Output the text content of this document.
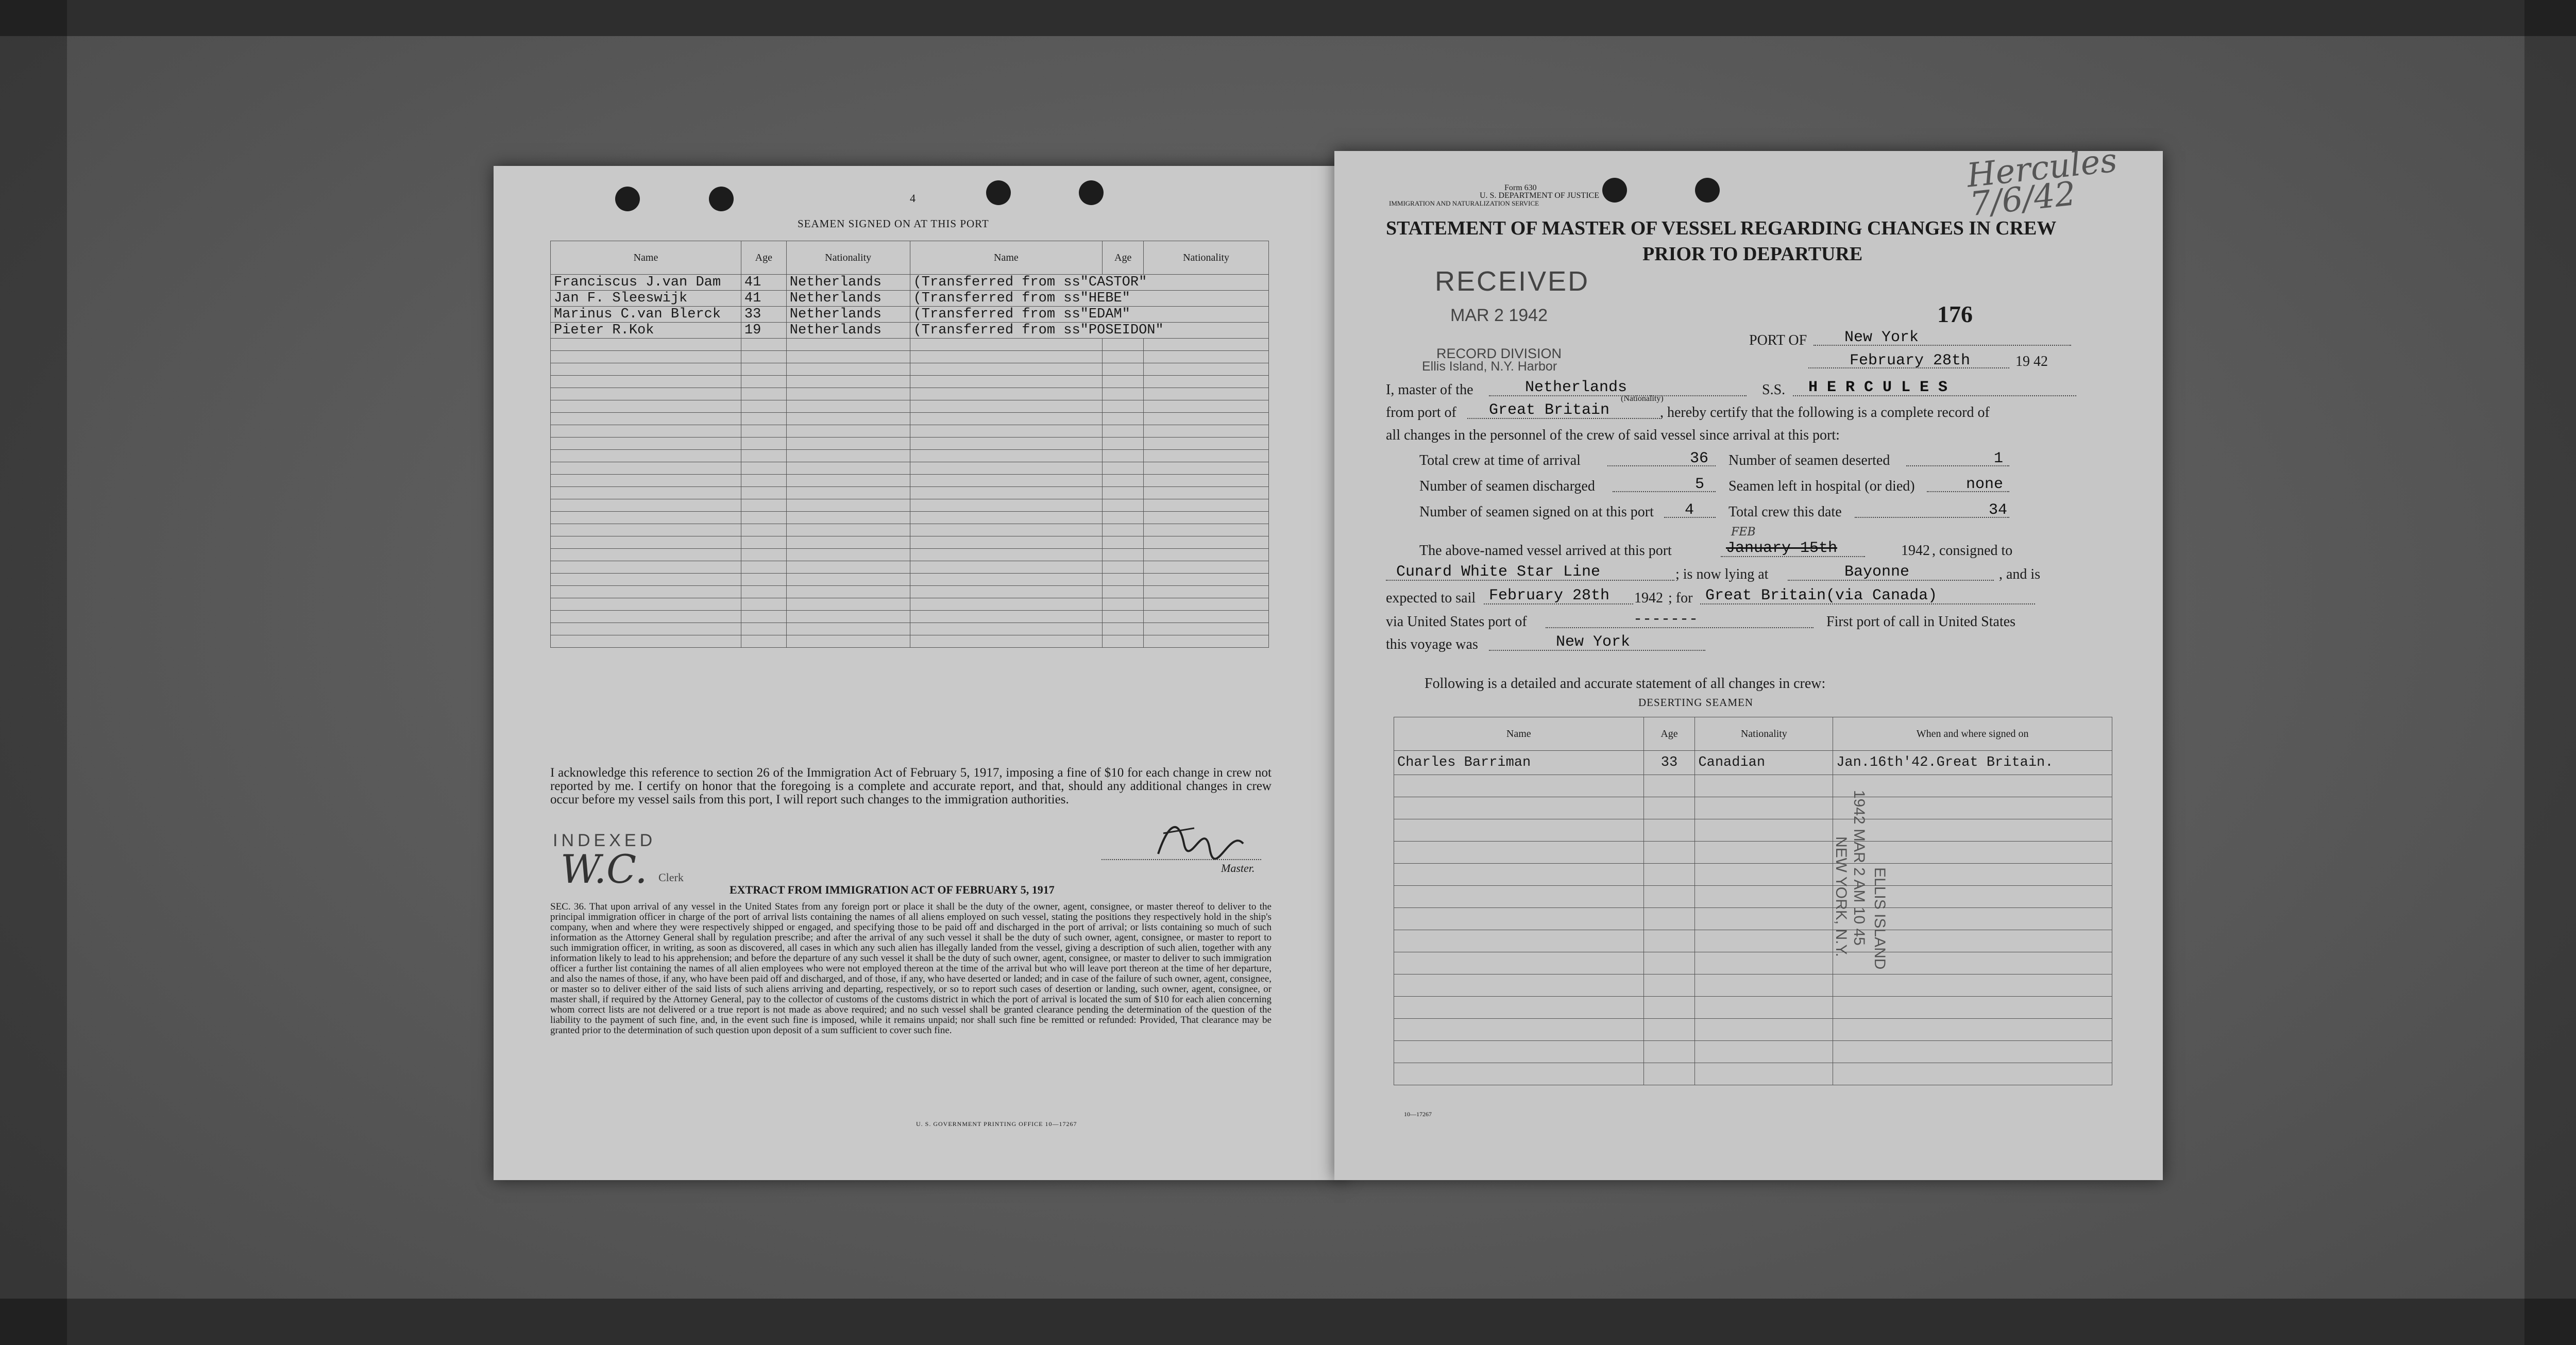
4
SEAMEN SIGNED ON AT THIS PORT
Name	Age	Nationality	Name	Age	Nationality
Franciscus J.van Dam	41	Netherlands	(Transferred from ss"CASTOR"		
Jan F. Sleeswijk	41	Netherlands	(Transferred from ss"HEBE"		
Marinus C.van Blerck	33	Netherlands	(Transferred from ss"EDAM"		
Pieter R.Kok	19	Netherlands	(Transferred from ss"POSEIDON"		

I acknowledge this reference to section 26 of the Immigration Act of February 5, 1917, imposing a fine of $10 for each change in crew not reported by me. I certify on honor that the foregoing is a complete and accurate report, and that, should any additional changes in crew occur before my vessel sails from this port, I will report such changes to the immigration authorities.
INDEXED
W.C. Clerk
Master.
EXTRACT FROM IMMIGRATION ACT OF FEBRUARY 5, 1917
SEC. 36. That upon arrival of any vessel in the United States from any foreign port or place it shall be the duty of the owner, agent, consignee, or master thereof to deliver to the principal immigration officer in charge of the port of arrival lists containing the names of all aliens employed on such vessel, stating the positions they respectively hold in the ship's company, when and where they were respectively shipped or engaged, and specifying those to be paid off and discharged in the port of arrival; or lists containing so much of such information as the Attorney General shall by regulation prescribe; and after the arrival of any such vessel it shall be the duty of such owner, agent, consignee, or master to report to such immigration officer, in writing, as soon as discovered, all cases in which any such alien has illegally landed from the vessel, giving a description of such alien, together with any information likely to lead to his apprehension; and before the departure of any such vessel it shall be the duty of such owner, agent, consignee, or master to deliver to such immigration officer a further list containing the names of all alien employees who were not employed thereon at the time of the arrival but who will leave port thereon at the time of her departure, and also the names of those, if any, who have been paid off and discharged, and of those, if any, who have deserted or landed; and in case of the failure of such owner, agent, consignee, or master so to deliver either of the said lists of such aliens arriving and departing, respectively, or so to report such cases of desertion or landing, such owner, agent, consignee, or master shall, if required by the Attorney General, pay to the collector of customs of the customs district in which the port of arrival is located the sum of $10 for each alien concerning whom correct lists are not delivered or a true report is not made as above required; and no such vessel shall be granted clearance pending the determination of the question of the liability to the payment of such fine, and, in the event such fine is imposed, while it remains unpaid; nor shall such fine be remitted or refunded: Provided, That clearance may be granted prior to the determination of such question upon deposit of a sum sufficient to cover such fine.
U. S. GOVERNMENT PRINTING OFFICE 10—17267
Form 630
U. S. DEPARTMENT OF JUSTICE
IMMIGRATION AND NATURALIZATION SERVICE
Hercules 7/6/42
STATEMENT OF MASTER OF VESSEL REGARDING CHANGES IN CREW
PRIOR TO DEPARTURE
RECEIVED
MAR 2 1942
RECORD DIVISION
Ellis Island, N.Y. Harbor
176
PORT OF New York
February 28th	19 42
I, master of the	Netherlands
(Nationality)
S.S. H E R C U L E S
from port of Great Britain	, hereby certify that the following is a complete record of
all changes in the personnel of the crew of said vessel since arrival at this port:
Total crew at time of arrival	36 Number of seamen deserted	1
Number of seamen discharged	5 Seamen left in hospital (or died)	none
Number of seamen signed on at this port 4 Total crew this date	34
FEB
The above-named vessel arrived at this port	January 15th	1942 , consigned to
Cunard White Star Line	; is now lying at	Bayonne	, and is
expected to sail February 28th 1942 ; for Great Britain(via Canada)
via United States port of	-------	First port of call in United States
this voyage was	New York
Following is a detailed and accurate statement of all changes in crew:
DESERTING SEAMEN
Name	Age	Nationality	When and where signed on
Charles Barriman	33	Canadian	Jan.16th'42.Great Britain.

ELLIS ISLAND
1942 MAR 2 AM 10 45
NEW YORK, N.Y.
10—17267
